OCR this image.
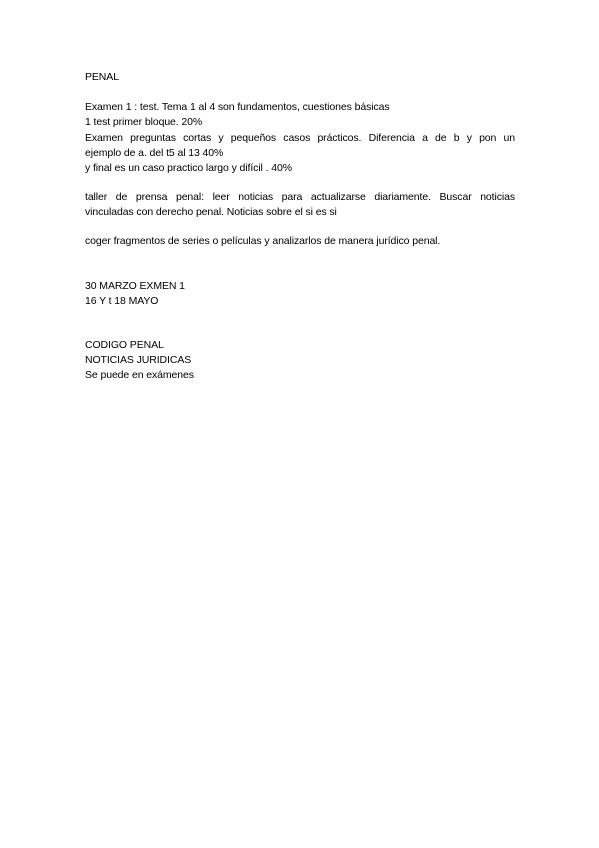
PENAL
Examen 1 : test. Tema 1 al 4 son fundamentos, cuestiones básicas
1 test primer bloque. 20%
Examen preguntas cortas y pequeños casos prácticos. Diferencia a de b y pon un
ejemplo de a. del t5 al 13 40%
y final es un caso practico largo y difícil . 40%
taller de prensa penal: leer noticias para actualizarse diariamente. Buscar noticias
vinculadas con derecho penal. Noticias sobre el si es si
coger fragmentos de series o películas y analizarlos de manera jurídico penal.
30 MARZO EXMEN 1
16 Y t 18 MAYO
CODIGO PENAL
NOTICIAS JURIDICAS
Se puede en exámenes
